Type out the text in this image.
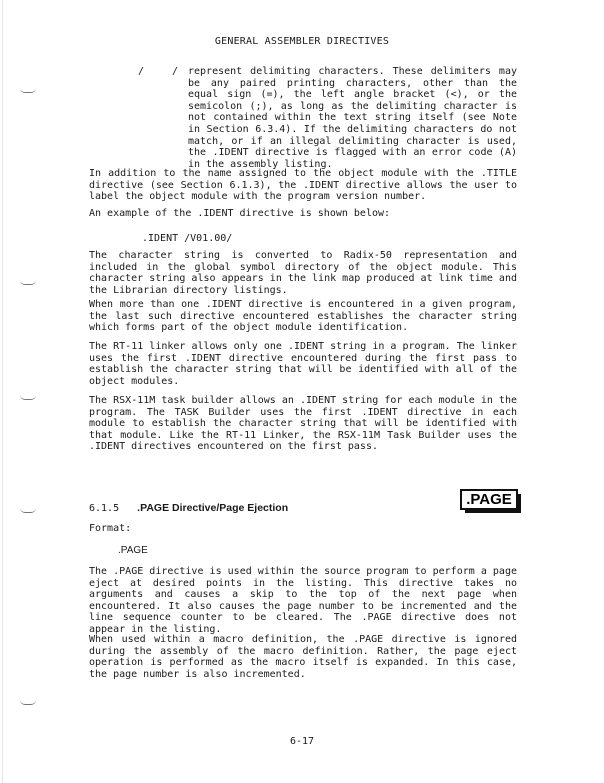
GENERAL ASSEMBLER DIRECTIVES
/	/ represent delimiting characters. These delimiters may be any paired printing characters, other than the equal sign (=), the left angle bracket (<), or the semicolon (;), as long as the delimiting character is not contained within the text string itself (see Note in Section 6.3.4). If the delimiting characters do not match, or if an illegal delimiting character is used, the .IDENT directive is flagged with an error code (A) in the assembly listing.
In addition to the name assigned to the object module with the .TITLE directive (see Section 6.1.3), the .IDENT directive allows the user to label the object module with the program version number.
An example of the .IDENT directive is shown below:
.IDENT /V01.00/
The character string is converted to Radix-50 representation and included in the global symbol directory of the object module. This character string also appears in the link map produced at link time and the Librarian directory listings.
When more than one .IDENT directive is encountered in a given program, the last such directive encountered establishes the character string which forms part of the object module identification.
The RT-11 linker allows only one .IDENT string in a program. The linker uses the first .IDENT directive encountered during the first pass to establish the character string that will be identified with all of the object modules.
The RSX-11M task builder allows an .IDENT string for each module in the program. The TASK Builder uses the first .IDENT directive in each module to establish the character string that will be identified with that module. Like the RT-11 Linker, the RSX-11M Task Builder uses the .IDENT directives encountered on the first pass.
6.1.5 .PAGE Directive/Page Ejection	.PAGE
Format:
.PAGE
The .PAGE directive is used within the source program to perform a page eject at desired points in the listing. This directive takes no arguments and causes a skip to the top of the next page when encountered. It also causes the page number to be incremented and the line sequence counter to be cleared. The .PAGE directive does not appear in the listing.
When used within a macro definition, the .PAGE directive is ignored during the assembly of the macro definition. Rather, the page eject operation is performed as the macro itself is expanded. In this case, the page number is also incremented.
6-17
